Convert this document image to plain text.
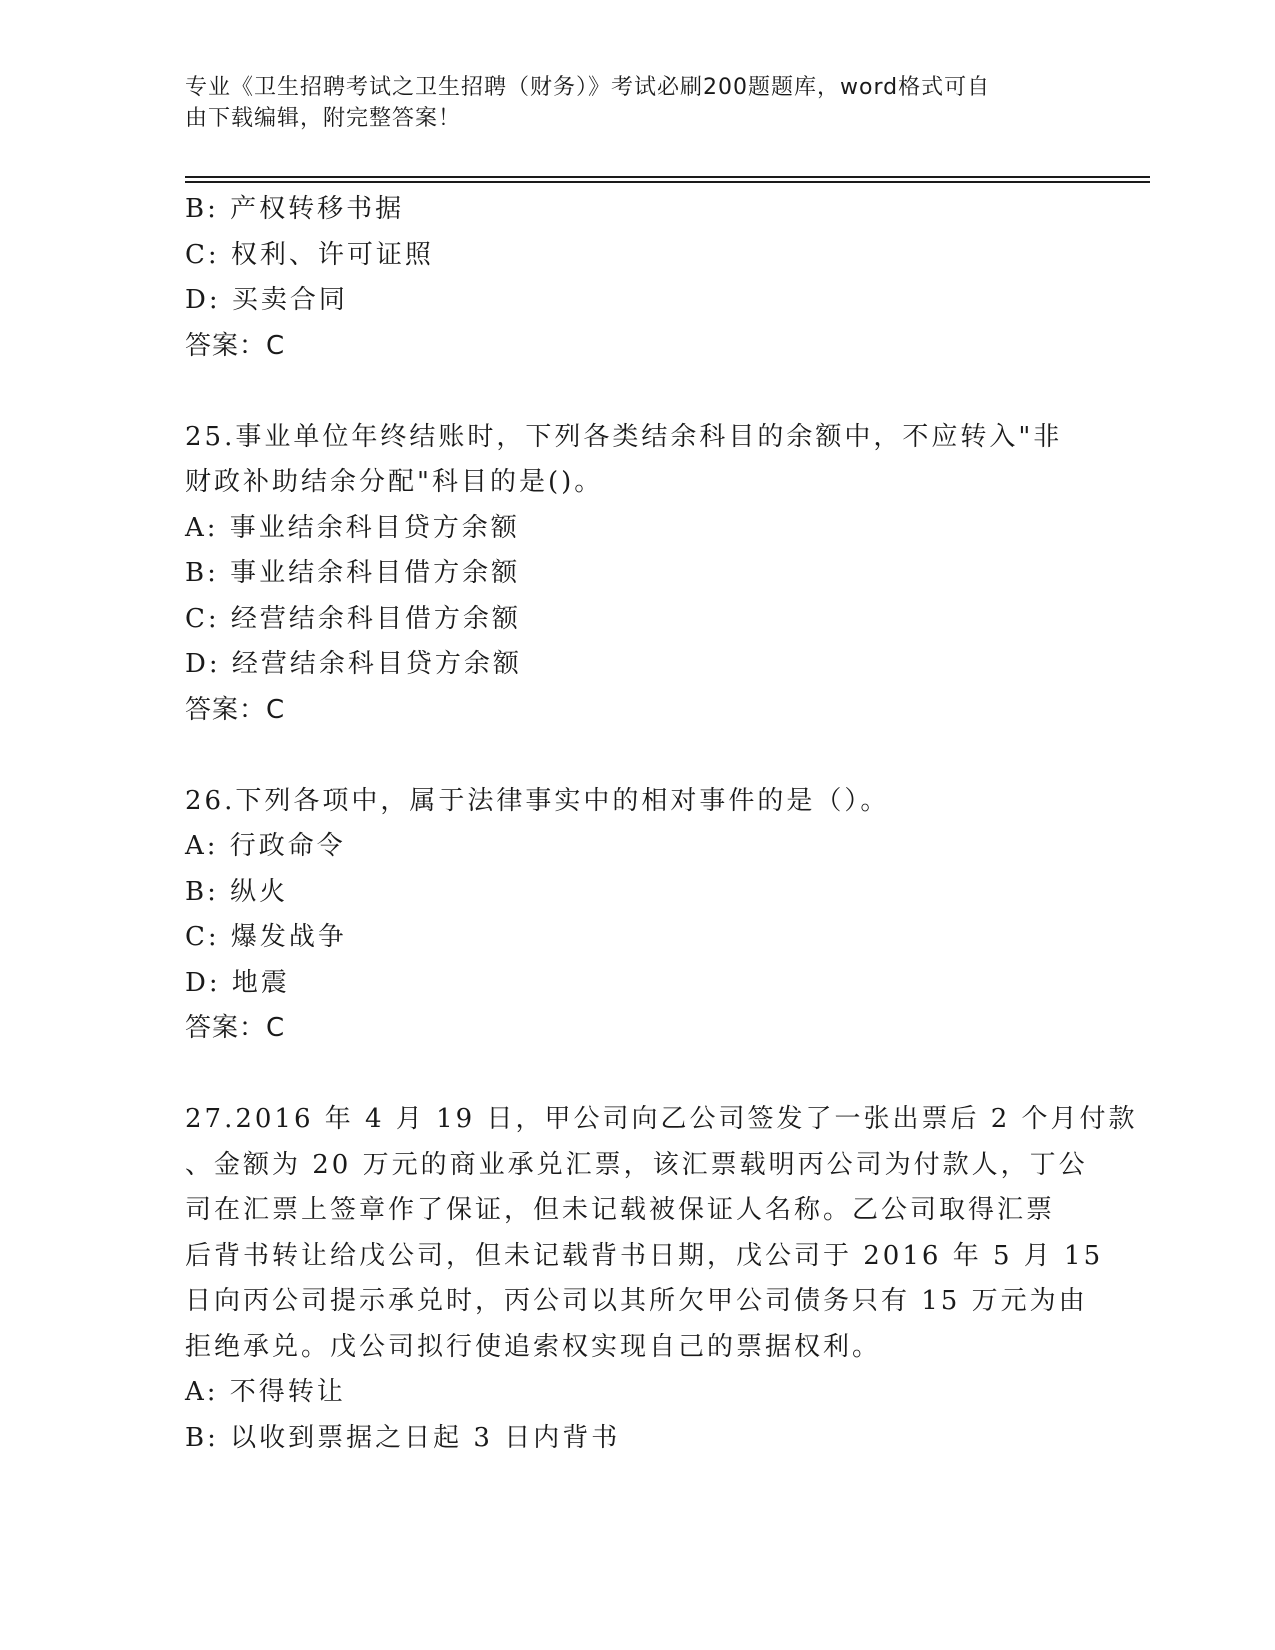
专业《卫生招聘考试之卫生招聘（财务）》考试必刷200题题库，word格式可自
由下载编辑，附完整答案！
B: 产权转移书据
C: 权利、许可证照
D: 买卖合同
答案：C
25.事业单位年终结账时，下列各类结余科目的余额中，不应转入"非
财政补助结余分配"科目的是()。
A: 事业结余科目贷方余额
B: 事业结余科目借方余额
C: 经营结余科目借方余额
D: 经营结余科目贷方余额
答案：C
26.下列各项中，属于法律事实中的相对事件的是（）。
A: 行政命令
B: 纵火
C: 爆发战争
D: 地震
答案：C
27.2016 年 4 月 19 日，甲公司向乙公司签发了一张出票后 2 个月付款
、金额为 20 万元的商业承兑汇票，该汇票载明丙公司为付款人，丁公
司在汇票上签章作了保证，但未记载被保证人名称。乙公司取得汇票
后背书转让给戊公司，但未记载背书日期，戊公司于 2016 年 5 月 15
日向丙公司提示承兑时，丙公司以其所欠甲公司债务只有 15 万元为由
拒绝承兑。戊公司拟行使追索权实现自己的票据权利。
A: 不得转让
B: 以收到票据之日起 3 日内背书
